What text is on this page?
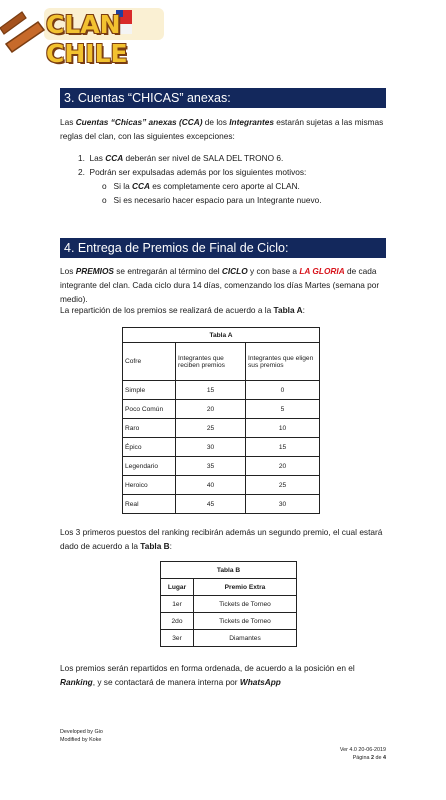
CLAN CHILE
3. Cuentas “CHICAS” anexas:
Las Cuentas “Chicas” anexas (CCA) de los Integrantes estarán sujetas a las mismas reglas del clan, con las siguientes excepciones:
1. Las CCA deberán ser nivel de SALA DEL TRONO 6.
2. Podrán ser expulsadas además por los siguientes motivos:
o Si la CCA es completamente cero aporte al CLAN.
o Si es necesario hacer espacio para un Integrante nuevo.
4. Entrega de Premios de Final de Ciclo:
Los PREMIOS se entregarán al término del CICLO y con base a LA GLORIA de cada integrante del clan. Cada ciclo dura 14 días, comenzando los días Martes (semana por medio).
La repartición de los premios se realizará de acuerdo a la Tabla A:
Tabla A		
Cofre	Integrantes que reciben premios	Integrantes que eligen sus premios
Simple	15	0
Poco Común	20	5
Raro	25	10
Épico	30	15
Legendario	35	20
Heroico	40	25
Real	45	30
Los 3 primeros puestos del ranking recibirán además un segundo premio, el cual estará dado de acuerdo a la Tabla B:
Tabla B	
Lugar	Premio Extra
1er	Tickets de Torneo
2do	Tickets de Torneo
3er	Diamantes
Los premios serán repartidos en forma ordenada, de acuerdo a la posición en el Ranking, y se contactará de manera interna por WhatsApp
Developed by Gio
Modified by Koke
Ver 4.0 20-06-2019
Página 2 de 4
